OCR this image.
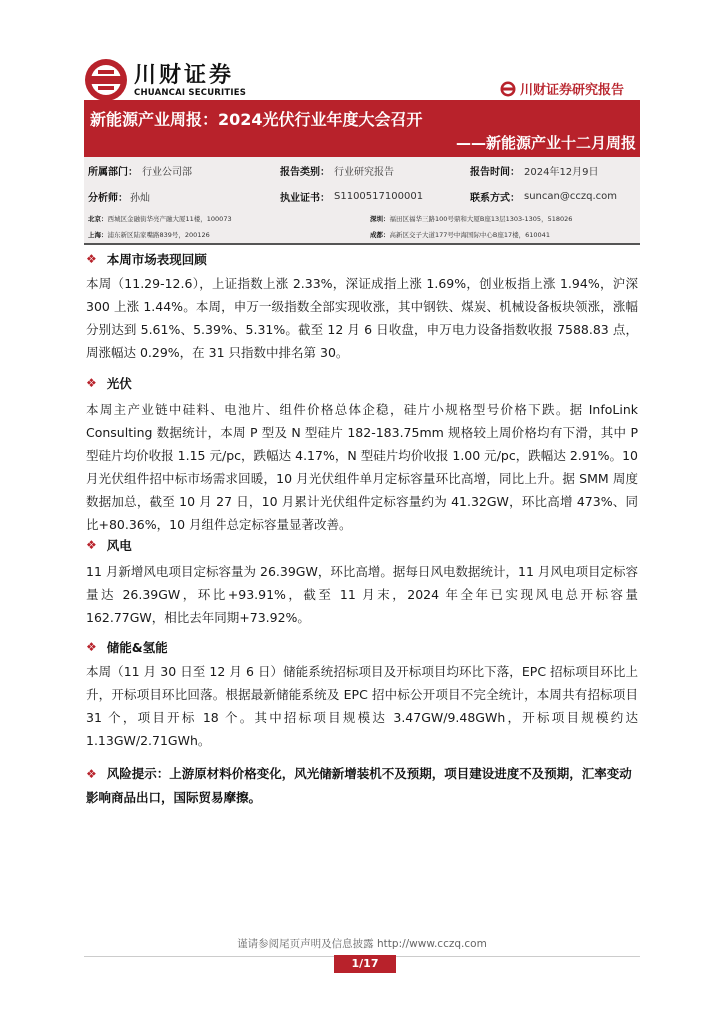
川财证券
CHUANCAI SECURITIES	川财证券研究报告
新能源产业周报：2024光伏行业年度大会召开
——新能源产业十二月周报
所属部门： 行业公司部	报告类别： 行业研究报告	报告时间： 2024年12月9日
分析师： 孙灿	执业证书： S1100517100001	联系方式： suncan@cczq.com
北京：西城区金融街华亮产融大厦11楼，100073	深圳：福田区福华三路100号鼎和大厦B座13层1303-1305，518026
上海：浦东新区陆家嘴路839号，200126	成都：高新区交子大道177号中海国际中心B座17楼，610041
❖ 本周市场表现回顾
本周（11.29-12.6），上证指数上涨 2.33%，深证成指上涨 1.69%，创业板指上涨 1.94%，沪深 300 上涨 1.44%。本周，申万一级指数全部实现收涨，其中钢铁、煤炭、机械设备板块领涨，涨幅分别达到 5.61%、5.39%、5.31%。截至 12 月 6 日收盘，申万电力设备指数收报 7588.83 点，周涨幅达 0.29%，在 31 只指数中排名第 30。
❖ 光伏
本周主产业链中硅料、电池片、组件价格总体企稳，硅片小规格型号价格下跌。据 InfoLink Consulting 数据统计，本周 P 型及 N 型硅片 182-183.75mm 规格较上周价格均有下滑，其中 P 型硅片均价收报 1.15 元/pc，跌幅达 4.17%，N 型硅片均价收报 1.00 元/pc，跌幅达 2.91%。10 月光伏组件招中标市场需求回暖，10 月光伏组件单月定标容量环比高增，同比上升。据 SMM 周度数据加总，截至 10 月 27 日，10 月累计光伏组件定标容量约为 41.32GW，环比高增 473%、同比+80.36%，10 月组件总定标容量显著改善。
❖ 风电
11 月新增风电项目定标容量为 26.39GW，环比高增。据每日风电数据统计，11 月风电项目定标容量达 26.39GW，环比+93.91%，截至 11 月末，2024 年全年已实现风电总开标容量 162.77GW，相比去年同期+73.92%。
❖ 储能&氢能
本周（11 月 30 日至 12 月 6 日）储能系统招标项目及开标项目均环比下落，EPC 招标项目环比上升，开标项目环比回落。根据最新储能系统及 EPC 招中标公开项目不完全统计，本周共有招标项目 31 个，项目开标 18 个。其中招标项目规模达 3.47GW/9.48GWh，开标项目规模约达 1.13GW/2.71GWh。
❖ 风险提示：上游原材料价格变化，风光储新增装机不及预期，项目建设进度不及预期，汇率变动影响商品出口，国际贸易摩擦。
谨请参阅尾页声明及信息披露 http://www.cczq.com
1/17
